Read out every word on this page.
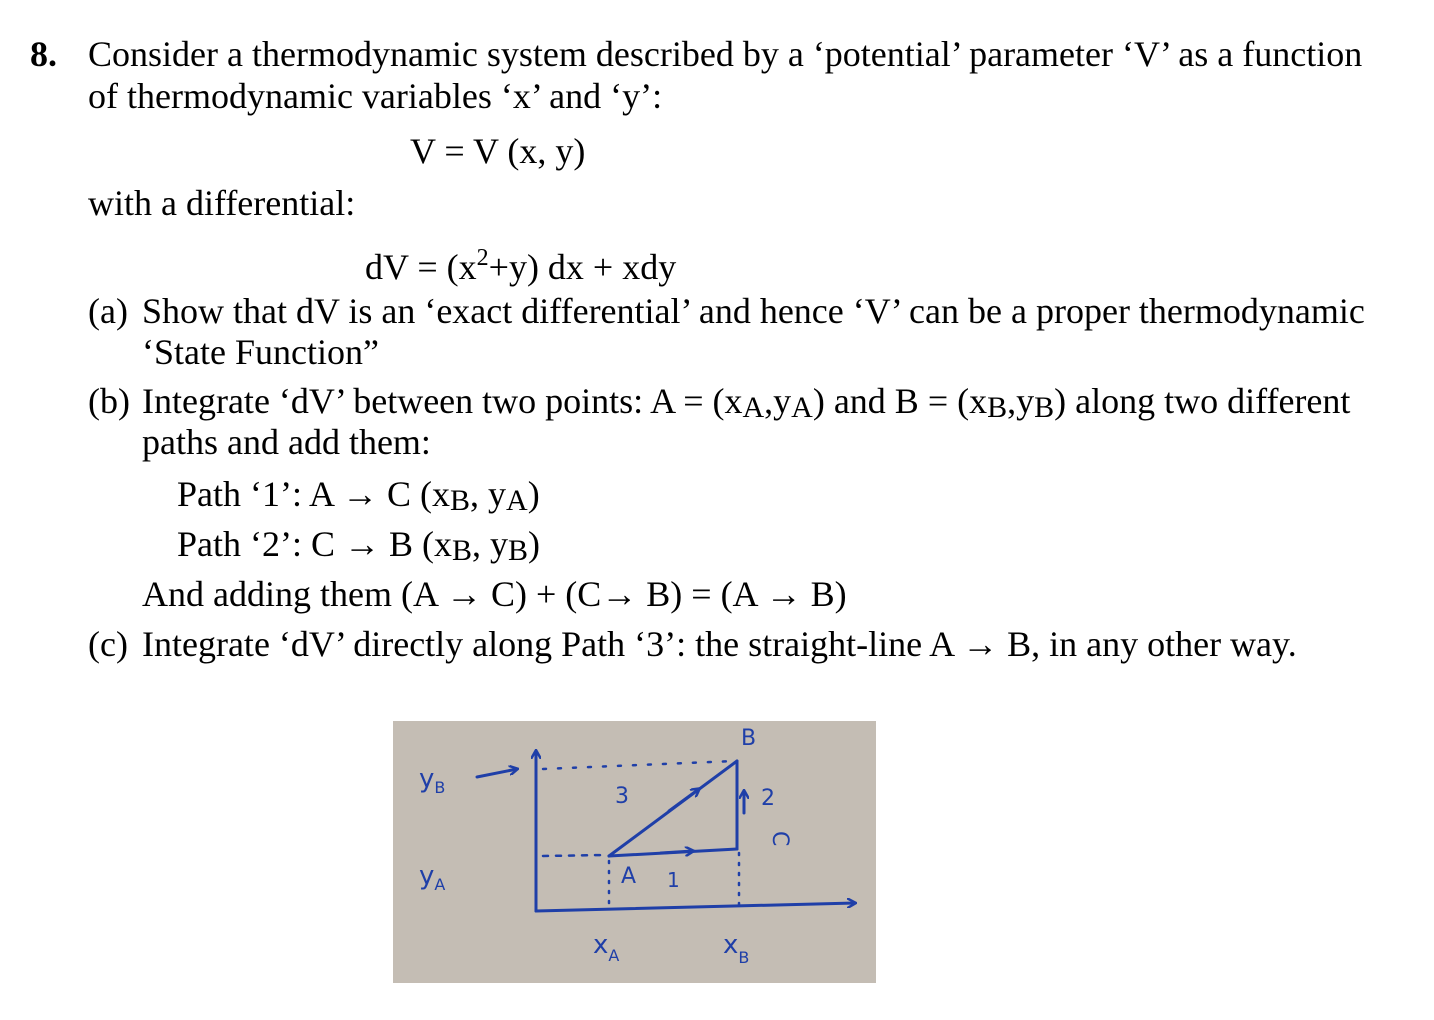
8. Consider a thermodynamic system described by a ‘potential’ parameter ‘V’ as a function
of thermodynamic variables ‘x’ and ‘y’:
V = V (x, y)
with a differential:
dV = $(x^2+y)$ dx + xdy
(a) Show that dV is an ‘exact differential’ and hence ‘V’ can be a proper thermodynamic
‘State Function”
(b) Integrate ‘dV’ between two points: A = (xA,yA) and B = (xB,yB) along two different
paths and add them:
Path ‘1’: A → C (xB, yA)
Path ‘2’: C → B (xB, yB)
And adding them (A → C) + (C→ B) = (A → B)
(c) Integrate ‘dV’ directly along Path ‘3’: the straight-line A → B, in any other way.
$y_B$
$y_A$
$x_A$	$x_B$
A
B
C
1
2
3
